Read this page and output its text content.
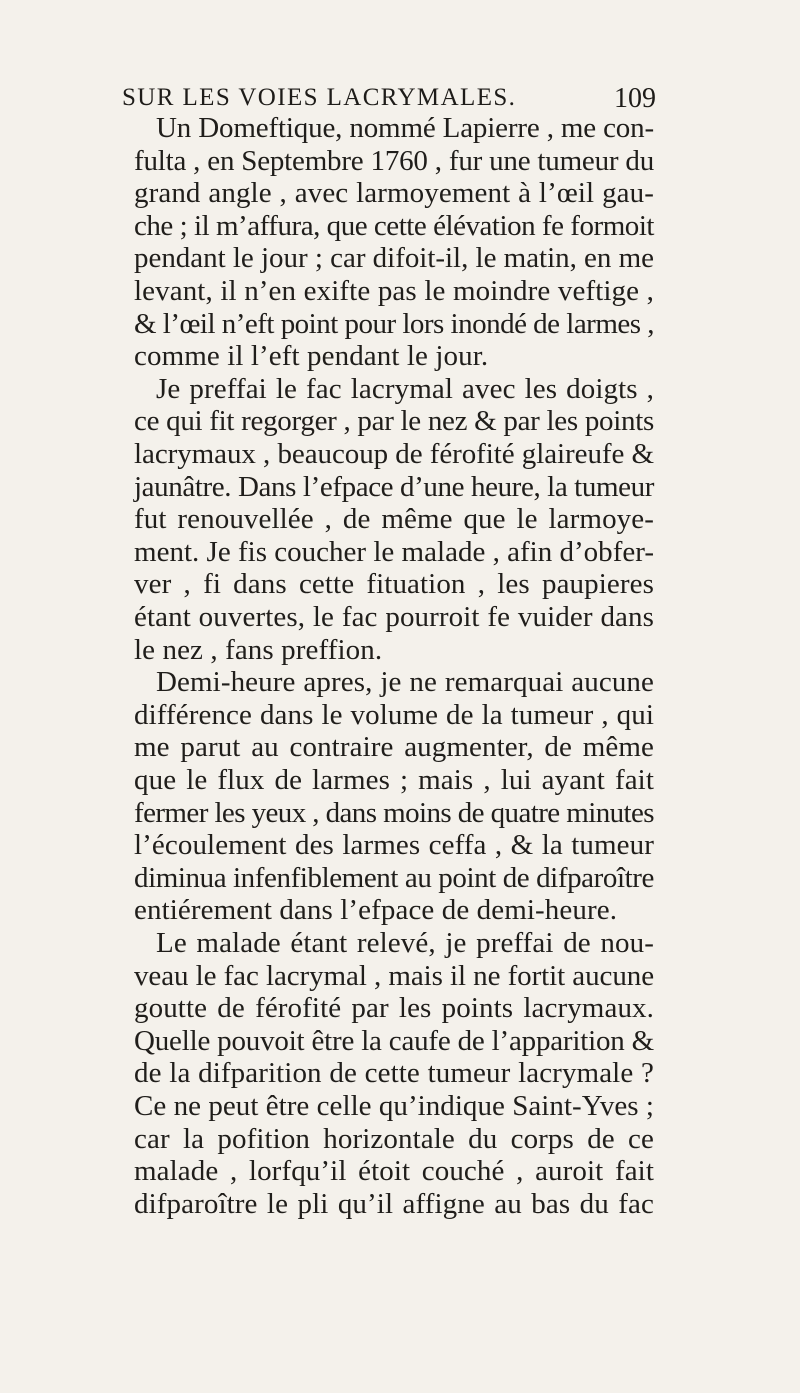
SUR LES VOIES LACRYMALES.	109
Un Domeftique, nommé Lapierre , me con-
fulta , en Septembre 1760 , fur une tumeur du
grand angle , avec larmoyement à l’œil gau-
che ; il m’affura, que cette élévation fe formoit
pendant le jour ; car difoit-il, le matin, en me
levant, il n’en exifte pas le moindre veftige ,
& l’œil n’eft point pour lors inondé de larmes ,
comme il l’eft pendant le jour.
Je preffai le fac lacrymal avec les doigts ,
ce qui fit regorger , par le nez & par les points
lacrymaux , beaucoup de férofité glaireufe &
jaunâtre. Dans l’efpace d’une heure, la tumeur
fut renouvellée , de même que le larmoye-
ment. Je fis coucher le malade , afin d’obfer-
ver , fi dans cette fituation , les paupieres
étant ouvertes, le fac pourroit fe vuider dans
le nez , fans preffion.
Demi-heure apres, je ne remarquai aucune
différence dans le volume de la tumeur , qui
me parut au contraire augmenter, de même
que le flux de larmes ; mais , lui ayant fait
fermer les yeux , dans moins de quatre minutes
l’écoulement des larmes ceffa , & la tumeur
diminua infenfiblement au point de difparoître
entiérement dans l’efpace de demi-heure.
Le malade étant relevé, je preffai de nou-
veau le fac lacrymal , mais il ne fortit aucune
goutte de férofité par les points lacrymaux.
Quelle pouvoit être la caufe de l’apparition &
de la difparition de cette tumeur lacrymale ?
Ce ne peut être celle qu’indique Saint-Yves ;
car la pofition horizontale du corps de ce
malade , lorfqu’il étoit couché , auroit fait
difparoître le pli qu’il affigne au bas du fac
